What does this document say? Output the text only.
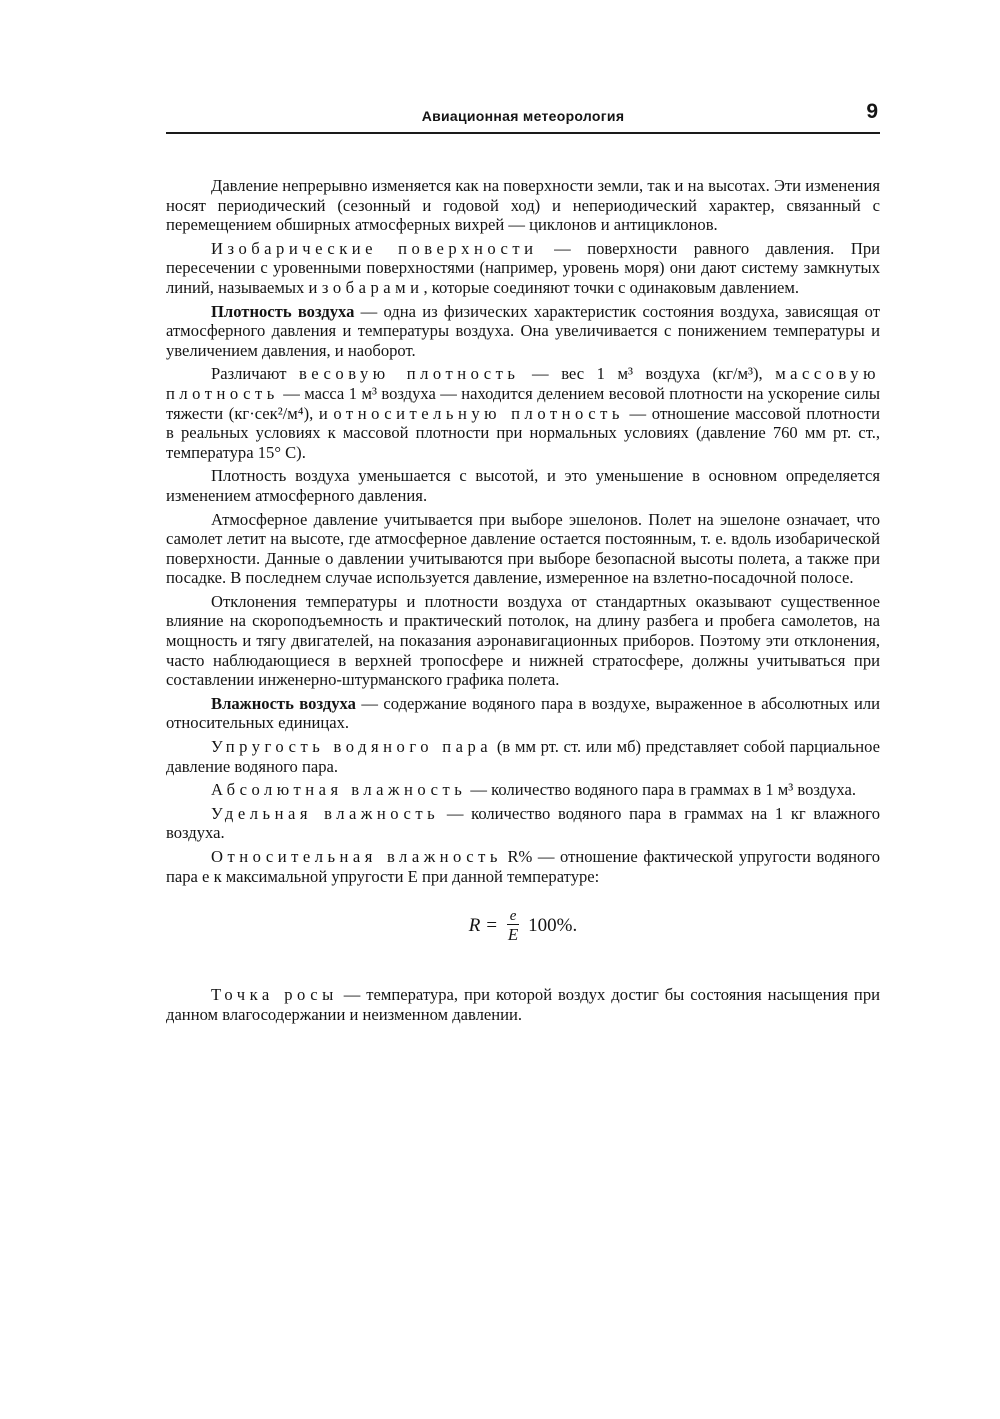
Авиационная метеорология	9

Давление непрерывно изменяется как на поверхности земли, так и на высотах. Эти изменения носят периодический (сезонный и годовой ход) и непериодический характер, связанный с перемещением обширных атмосферных вихрей — циклонов и антициклонов.

Изобарические поверхности — поверхности равного давления. При пересечении с уровенными поверхностями (например, уровень моря) они дают систему замкнутых линий, называемых изобарами, которые соединяют точки с одинаковым давлением.

Плотность воздуха — одна из физических характеристик состояния воздуха, зависящая от атмосферного давления и температуры воздуха. Она увеличивается с понижением температуры и увеличением давления, и наоборот.

Различают весовую плотность — вес 1 м³ воздуха (кг/м³), массовую плотность — масса 1 м³ воздуха — находится делением весовой плотности на ускорение силы тяжести (кг·сек²/м⁴), и относительную плотность — отношение массовой плотности в реальных условиях к массовой плотности при нормальных условиях (давление 760 мм рт. ст., температура 15° С).

Плотность воздуха уменьшается с высотой, и это уменьшение в основном определяется изменением атмосферного давления.

Атмосферное давление учитывается при выборе эшелонов. Полет на эшелоне означает, что самолет летит на высоте, где атмосферное давление остается постоянным, т. е. вдоль изобарической поверхности. Данные о давлении учитываются при выборе безопасной высоты полета, а также при посадке. В последнем случае используется давление, измеренное на взлетно-посадочной полосе.

Отклонения температуры и плотности воздуха от стандартных оказывают существенное влияние на скороподъемность и практический потолок, на длину разбега и пробега самолетов, на мощность и тягу двигателей, на показания аэронавигационных приборов. Поэтому эти отклонения, часто наблюдающиеся в верхней тропосфере и нижней стратосфере, должны учитываться при составлении инженерно-штурманского графика полета.

Влажность воздуха — содержание водяного пара в воздухе, выраженное в абсолютных или относительных единицах.

Упругость водяного пара (в мм рт. ст. или мб) представляет собой парциальное давление водяного пара.

Абсолютная влажность — количество водяного пара в граммах в 1 м³ воздуха.

Удельная влажность — количество водяного пара в граммах на 1 кг влажного воздуха.

Относительная влажность R% — отношение фактической упругости водяного пара e к максимальной упругости E при данной температуре:

$R = \frac{e}{E} 100\%$.

Точка росы — температура, при которой воздух достиг бы состояния насыщения при данном влагосодержании и неизменном давлении.
